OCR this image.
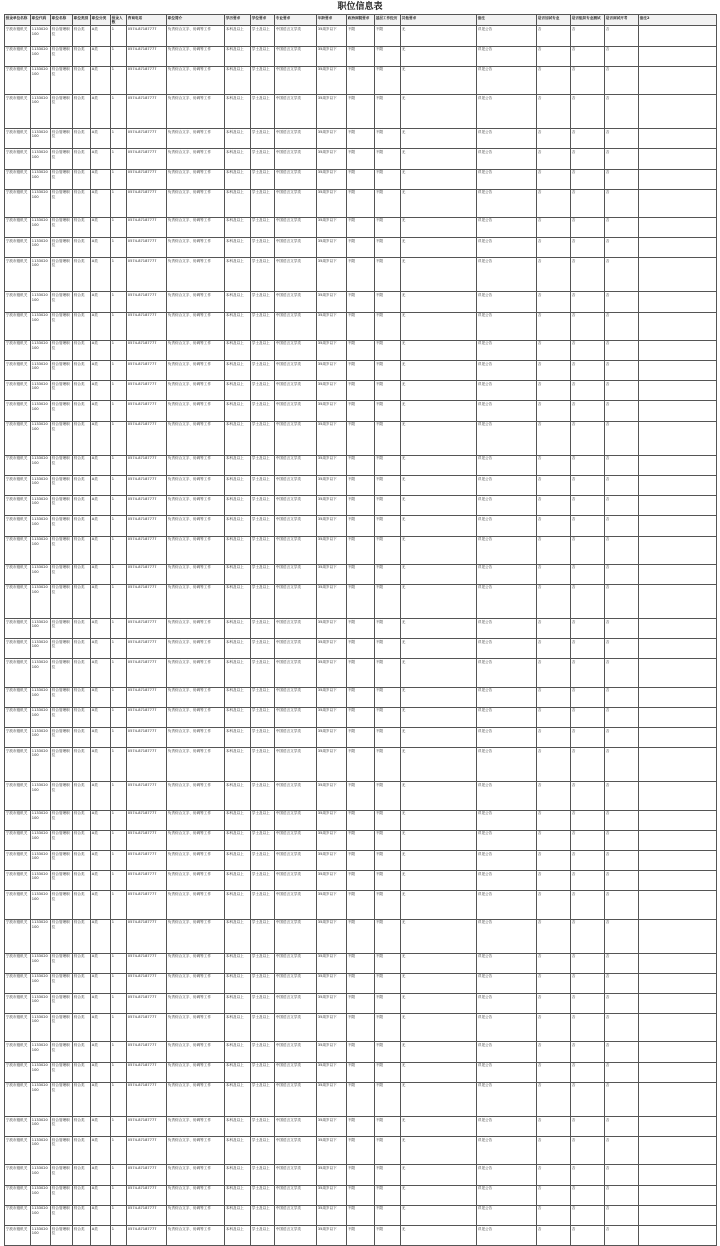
职位信息表
招录单位名称	职位代码	职位名称	职位类别	职位分类	招录人数	咨询电话	职位简介	学历要求	学位要求	专业要求	年龄要求	政治面貌要求	基层工作经历	其他要求	备注	是否加试专业	是否组织专业测试	是否面试开考	备注2
宁波市级机关	1133020100	综合管理职位	综合类	A类	1	0574-87187777	负责综合文字、协调等工作	本科及以上	学士及以上	中国语言文学类	35周岁以下	不限	不限	无	详见公告	否	否	否	
宁波市级机关	1133020100	综合管理职位	综合类	A类	1	0574-87187777	负责综合文字、协调等工作	本科及以上	学士及以上	中国语言文学类	35周岁以下	不限	不限	无	详见公告	否	否	否	
宁波市级机关	1133020100	综合管理职位	综合类	A类	1	0574-87187777	负责综合文字、协调等工作	本科及以上	学士及以上	中国语言文学类	35周岁以下	不限	不限	无	详见公告	否	否	否	
宁波市级机关	1133020100	综合管理职位	综合类	A类	1	0574-87187777	负责综合文字、协调等工作	本科及以上	学士及以上	中国语言文学类	35周岁以下	不限	不限	无	详见公告	否	否	否	
宁波市级机关	1133020100	综合管理职位	综合类	A类	1	0574-87187777	负责综合文字、协调等工作	本科及以上	学士及以上	中国语言文学类	35周岁以下	不限	不限	无	详见公告	否	否	否	
宁波市级机关	1133020100	综合管理职位	综合类	A类	1	0574-87187777	负责综合文字、协调等工作	本科及以上	学士及以上	中国语言文学类	35周岁以下	不限	不限	无	详见公告	否	否	否	
宁波市级机关	1133020100	综合管理职位	综合类	A类	1	0574-87187777	负责综合文字、协调等工作	本科及以上	学士及以上	中国语言文学类	35周岁以下	不限	不限	无	详见公告	否	否	否	
宁波市级机关	1133020100	综合管理职位	综合类	A类	1	0574-87187777	负责综合文字、协调等工作	本科及以上	学士及以上	中国语言文学类	35周岁以下	不限	不限	无	详见公告	否	否	否	
宁波市级机关	1133020100	综合管理职位	综合类	A类	1	0574-87187777	负责综合文字、协调等工作	本科及以上	学士及以上	中国语言文学类	35周岁以下	不限	不限	无	详见公告	否	否	否	
宁波市级机关	1133020100	综合管理职位	综合类	A类	1	0574-87187777	负责综合文字、协调等工作	本科及以上	学士及以上	中国语言文学类	35周岁以下	不限	不限	无	详见公告	否	否	否	
宁波市级机关	1133020100	综合管理职位	综合类	A类	1	0574-87187777	负责综合文字、协调等工作	本科及以上	学士及以上	中国语言文学类	35周岁以下	不限	不限	无	详见公告	否	否	否	
宁波市级机关	1133020100	综合管理职位	综合类	A类	1	0574-87187777	负责综合文字、协调等工作	本科及以上	学士及以上	中国语言文学类	35周岁以下	不限	不限	无	详见公告	否	否	否	
宁波市级机关	1133020100	综合管理职位	综合类	A类	1	0574-87187777	负责综合文字、协调等工作	本科及以上	学士及以上	中国语言文学类	35周岁以下	不限	不限	无	详见公告	否	否	否	
宁波市级机关	1133020100	综合管理职位	综合类	A类	1	0574-87187777	负责综合文字、协调等工作	本科及以上	学士及以上	中国语言文学类	35周岁以下	不限	不限	无	详见公告	否	否	否	
宁波市级机关	1133020100	综合管理职位	综合类	A类	1	0574-87187777	负责综合文字、协调等工作	本科及以上	学士及以上	中国语言文学类	35周岁以下	不限	不限	无	详见公告	否	否	否	
宁波市级机关	1133020100	综合管理职位	综合类	A类	1	0574-87187777	负责综合文字、协调等工作	本科及以上	学士及以上	中国语言文学类	35周岁以下	不限	不限	无	详见公告	否	否	否	
宁波市级机关	1133020100	综合管理职位	综合类	A类	1	0574-87187777	负责综合文字、协调等工作	本科及以上	学士及以上	中国语言文学类	35周岁以下	不限	不限	无	详见公告	否	否	否	
宁波市级机关	1133020100	综合管理职位	综合类	A类	1	0574-87187777	负责综合文字、协调等工作	本科及以上	学士及以上	中国语言文学类	35周岁以下	不限	不限	无	详见公告	否	否	否	
宁波市级机关	1133020100	综合管理职位	综合类	A类	1	0574-87187777	负责综合文字、协调等工作	本科及以上	学士及以上	中国语言文学类	35周岁以下	不限	不限	无	详见公告	否	否	否	
宁波市级机关	1133020100	综合管理职位	综合类	A类	1	0574-87187777	负责综合文字、协调等工作	本科及以上	学士及以上	中国语言文学类	35周岁以下	不限	不限	无	详见公告	否	否	否	
宁波市级机关	1133020100	综合管理职位	综合类	A类	1	0574-87187777	负责综合文字、协调等工作	本科及以上	学士及以上	中国语言文学类	35周岁以下	不限	不限	无	详见公告	否	否	否	
宁波市级机关	1133020100	综合管理职位	综合类	A类	1	0574-87187777	负责综合文字、协调等工作	本科及以上	学士及以上	中国语言文学类	35周岁以下	不限	不限	无	详见公告	否	否	否	
宁波市级机关	1133020100	综合管理职位	综合类	A类	1	0574-87187777	负责综合文字、协调等工作	本科及以上	学士及以上	中国语言文学类	35周岁以下	不限	不限	无	详见公告	否	否	否	
宁波市级机关	1133020100	综合管理职位	综合类	A类	1	0574-87187777	负责综合文字、协调等工作	本科及以上	学士及以上	中国语言文学类	35周岁以下	不限	不限	无	详见公告	否	否	否	
宁波市级机关	1133020100	综合管理职位	综合类	A类	1	0574-87187777	负责综合文字、协调等工作	本科及以上	学士及以上	中国语言文学类	35周岁以下	不限	不限	无	详见公告	否	否	否	
宁波市级机关	1133020100	综合管理职位	综合类	A类	1	0574-87187777	负责综合文字、协调等工作	本科及以上	学士及以上	中国语言文学类	35周岁以下	不限	不限	无	详见公告	否	否	否	
宁波市级机关	1133020100	综合管理职位	综合类	A类	1	0574-87187777	负责综合文字、协调等工作	本科及以上	学士及以上	中国语言文学类	35周岁以下	不限	不限	无	详见公告	否	否	否	
宁波市级机关	1133020100	综合管理职位	综合类	A类	1	0574-87187777	负责综合文字、协调等工作	本科及以上	学士及以上	中国语言文学类	35周岁以下	不限	不限	无	详见公告	否	否	否	
宁波市级机关	1133020100	综合管理职位	综合类	A类	1	0574-87187777	负责综合文字、协调等工作	本科及以上	学士及以上	中国语言文学类	35周岁以下	不限	不限	无	详见公告	否	否	否	
宁波市级机关	1133020100	综合管理职位	综合类	A类	1	0574-87187777	负责综合文字、协调等工作	本科及以上	学士及以上	中国语言文学类	35周岁以下	不限	不限	无	详见公告	否	否	否	
宁波市级机关	1133020100	综合管理职位	综合类	A类	1	0574-87187777	负责综合文字、协调等工作	本科及以上	学士及以上	中国语言文学类	35周岁以下	不限	不限	无	详见公告	否	否	否	
宁波市级机关	1133020100	综合管理职位	综合类	A类	1	0574-87187777	负责综合文字、协调等工作	本科及以上	学士及以上	中国语言文学类	35周岁以下	不限	不限	无	详见公告	否	否	否	
宁波市级机关	1133020100	综合管理职位	综合类	A类	1	0574-87187777	负责综合文字、协调等工作	本科及以上	学士及以上	中国语言文学类	35周岁以下	不限	不限	无	详见公告	否	否	否	
宁波市级机关	1133020100	综合管理职位	综合类	A类	1	0574-87187777	负责综合文字、协调等工作	本科及以上	学士及以上	中国语言文学类	35周岁以下	不限	不限	无	详见公告	否	否	否	
宁波市级机关	1133020100	综合管理职位	综合类	A类	1	0574-87187777	负责综合文字、协调等工作	本科及以上	学士及以上	中国语言文学类	35周岁以下	不限	不限	无	详见公告	否	否	否	
宁波市级机关	1133020100	综合管理职位	综合类	A类	1	0574-87187777	负责综合文字、协调等工作	本科及以上	学士及以上	中国语言文学类	35周岁以下	不限	不限	无	详见公告	否	否	否	
宁波市级机关	1133020100	综合管理职位	综合类	A类	1	0574-87187777	负责综合文字、协调等工作	本科及以上	学士及以上	中国语言文学类	35周岁以下	不限	不限	无	详见公告	否	否	否	
宁波市级机关	1133020100	综合管理职位	综合类	A类	1	0574-87187777	负责综合文字、协调等工作	本科及以上	学士及以上	中国语言文学类	35周岁以下	不限	不限	无	详见公告	否	否	否	
宁波市级机关	1133020100	综合管理职位	综合类	A类	1	0574-87187777	负责综合文字、协调等工作	本科及以上	学士及以上	中国语言文学类	35周岁以下	不限	不限	无	详见公告	否	否	否	
宁波市级机关	1133020100	综合管理职位	综合类	A类	1	0574-87187777	负责综合文字、协调等工作	本科及以上	学士及以上	中国语言文学类	35周岁以下	不限	不限	无	详见公告	否	否	否	
宁波市级机关	1133020100	综合管理职位	综合类	A类	1	0574-87187777	负责综合文字、协调等工作	本科及以上	学士及以上	中国语言文学类	35周岁以下	不限	不限	无	详见公告	否	否	否	
宁波市级机关	1133020100	综合管理职位	综合类	A类	1	0574-87187777	负责综合文字、协调等工作	本科及以上	学士及以上	中国语言文学类	35周岁以下	不限	不限	无	详见公告	否	否	否	
宁波市级机关	1133020100	综合管理职位	综合类	A类	1	0574-87187777	负责综合文字、协调等工作	本科及以上	学士及以上	中国语言文学类	35周岁以下	不限	不限	无	详见公告	否	否	否	
宁波市级机关	1133020100	综合管理职位	综合类	A类	1	0574-87187777	负责综合文字、协调等工作	本科及以上	学士及以上	中国语言文学类	35周岁以下	不限	不限	无	详见公告	否	否	否	
宁波市级机关	1133020100	综合管理职位	综合类	A类	1	0574-87187777	负责综合文字、协调等工作	本科及以上	学士及以上	中国语言文学类	35周岁以下	不限	不限	无	详见公告	否	否	否	
宁波市级机关	1133020100	综合管理职位	综合类	A类	1	0574-87187777	负责综合文字、协调等工作	本科及以上	学士及以上	中国语言文学类	35周岁以下	不限	不限	无	详见公告	否	否	否	
宁波市级机关	1133020100	综合管理职位	综合类	A类	1	0574-87187777	负责综合文字、协调等工作	本科及以上	学士及以上	中国语言文学类	35周岁以下	不限	不限	无	详见公告	否	否	否	
宁波市级机关	1133020100	综合管理职位	综合类	A类	1	0574-87187777	负责综合文字、协调等工作	本科及以上	学士及以上	中国语言文学类	35周岁以下	不限	不限	无	详见公告	否	否	否	
宁波市级机关	1133020100	综合管理职位	综合类	A类	1	0574-87187777	负责综合文字、协调等工作	本科及以上	学士及以上	中国语言文学类	35周岁以下	不限	不限	无	详见公告	否	否	否	
宁波市级机关	1133020100	综合管理职位	综合类	A类	1	0574-87187777	负责综合文字、协调等工作	本科及以上	学士及以上	中国语言文学类	35周岁以下	不限	不限	无	详见公告	否	否	否	
宁波市级机关	1133020100	综合管理职位	综合类	A类	1	0574-87187777	负责综合文字、协调等工作	本科及以上	学士及以上	中国语言文学类	35周岁以下	不限	不限	无	详见公告	否	否	否	
宁波市级机关	1133020100	综合管理职位	综合类	A类	1	0574-87187777	负责综合文字、协调等工作	本科及以上	学士及以上	中国语言文学类	35周岁以下	不限	不限	无	详见公告	否	否	否	
